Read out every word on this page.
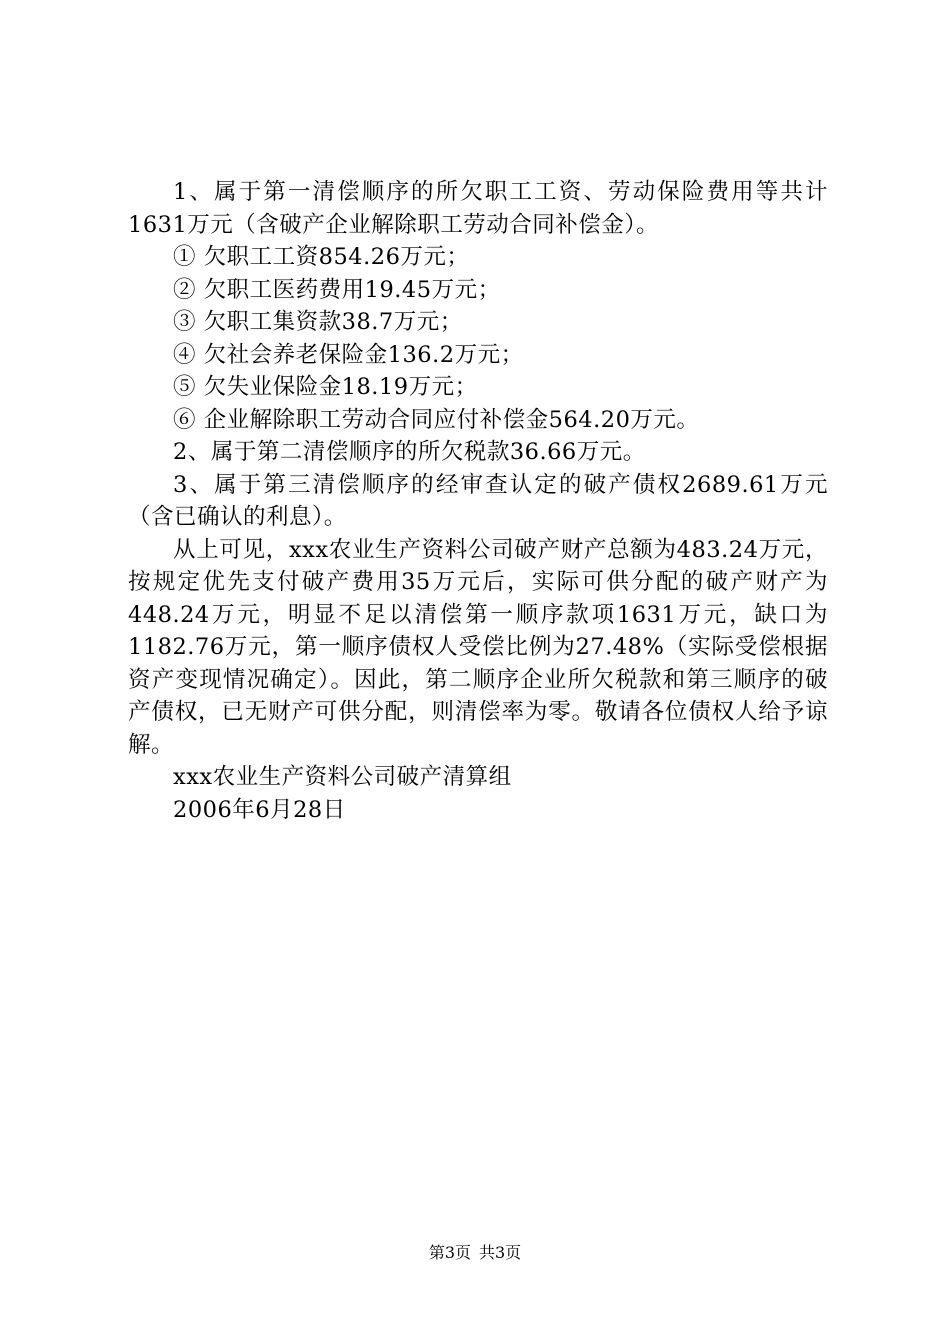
1、属于第一清偿顺序的所欠职工工资、劳动保险费用等共计1631万元（含破产企业解除职工劳动合同补偿金）。

① 欠职工工资854.26万元；

② 欠职工医药费用19.45万元；

③ 欠职工集资款38.7万元；

④ 欠社会养老保险金136.2万元；

⑤ 欠失业保险金18.19万元；

⑥ 企业解除职工劳动合同应付补偿金564.20万元。

2、属于第二清偿顺序的所欠税款36.66万元。

3、属于第三清偿顺序的经审查认定的破产债权2689.61万元（含已确认的利息）。

从上可见，xxx农业生产资料公司破产财产总额为483.24万元，按规定优先支付破产费用35万元后，实际可供分配的破产财产为448.24万元，明显不足以清偿第一顺序款项1631万元，缺口为1182.76万元，第一顺序债权人受偿比例为27.48%（实际受偿根据资产变现情况确定）。因此，第二顺序企业所欠税款和第三顺序的破产债权，已无财产可供分配，则清偿率为零。敬请各位债权人给予谅解。

xxx农业生产资料公司破产清算组

2006年6月28日

第3页 共3页
